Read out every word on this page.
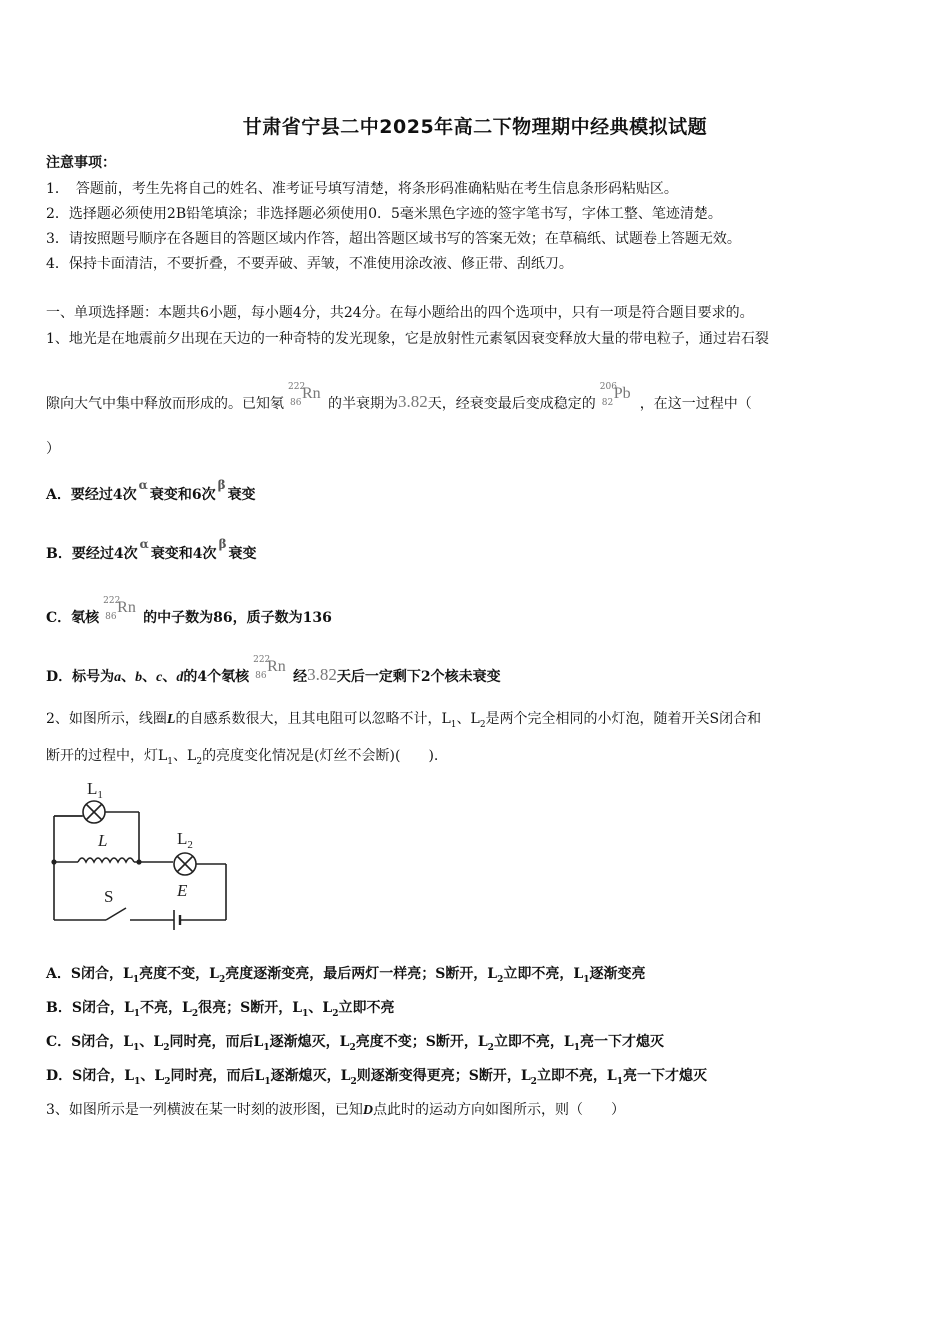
甘肃省宁县二中2025年高二下物理期中经典模拟试题
注意事项：
1．　答题前，考生先将自己的姓名、准考证号填写清楚，将条形码准确粘贴在考生信息条形码粘贴区。
2．选择题必须使用2B铅笔填涂；非选择题必须使用0．5毫米黑色字迹的签字笔书写，字体工整、笔迹清楚。
3．请按照题号顺序在各题目的答题区域内作答，超出答题区域书写的答案无效；在草稿纸、试题卷上答题无效。
4．保持卡面清洁，不要折叠，不要弄破、弄皱，不准使用涂改液、修正带、刮纸刀。
一、单项选择题：本题共6小题，每小题4分，共24分。在每小题给出的四个选项中，只有一项是符合题目要求的。
1、地光是在地震前夕出现在天边的一种奇特的发光现象，它是放射性元素氡因衰变释放大量的带电粒子，通过岩石裂
隙向大气中集中释放而形成的。已知氡
222
86
Rn
的半衰期为3.82天，经衰变最后变成稳定的
206
82
Pb
，在这一过程中（
）
A．要经过4次α衰变和6次β衰变
B．要经过4次α衰变和4次β衰变
C．氡核
222
86
Rn
的中子数为86，质子数为136
D．标号为a、b、c、d的4个氡核
222
86
Rn
经3.82天后一定剩下2个核未衰变
2、如图所示，线圈L的自感系数很大，且其电阻可以忽略不计，$L_1$、$L_2$是两个完全相同的小灯泡，随着开关S闭合和
断开的过程中，灯$L_1$、$L_2$的亮度变化情况是(灯丝不会断)(　　).
$L_1$
L	$L_2$
E
S
A．S闭合，$L_1$亮度不变，$L_2$亮度逐渐变亮，最后两灯一样亮；S断开，$L_2$立即不亮，$L_1$逐渐变亮
B．S闭合，$L_1$不亮，$L_2$很亮；S断开，$L_1$、$L_2$立即不亮
C．S闭合，$L_1$、$L_2$同时亮，而后$L_1$逐渐熄灭，$L_2$亮度不变；S断开，$L_2$立即不亮，$L_1$亮一下才熄灭
D．S闭合，$L_1$、$L_2$同时亮，而后$L_1$逐渐熄灭，$L_2$则逐渐变得更亮；S断开，$L_2$立即不亮，$L_1$亮一下才熄灭
3、如图所示是一列横波在某一时刻的波形图，已知D点此时的运动方向如图所示，则（　　）
